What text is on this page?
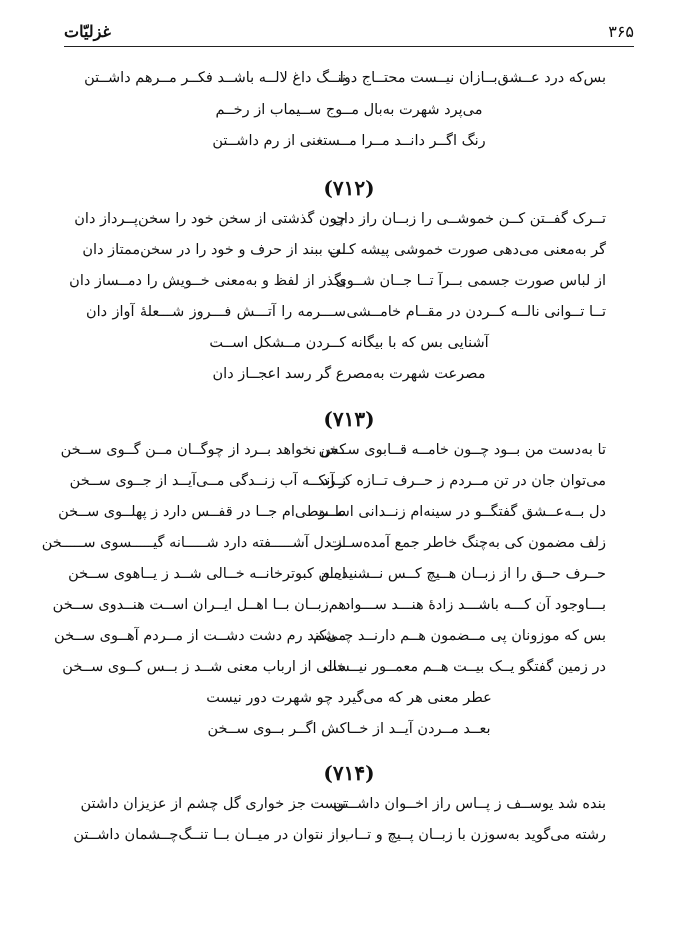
۳۶۵
غزلیّات
بس‌که درد عــشق‌بــازان نیــست محتــاج دوا
ننــگ داغ لالــه باشــد فکــر مــرهم داشــتن
می‌پرد شهرت به‌بال مــوج ســیماب از رخــم
رنگ اگــر دانــد مــرا مــستغنی از رم داشــتن
(۷۱۲)
تــرک گفــتن کــن خموشــی را زبــان راز دان
چون گذشتی از سخن خود را سخن‌پــرداز دان
گر به‌معنی می‌دهی صورت خموشی پیشه کــن
لب ببند از حرف و خود را در سخن‌ممتاز دان
از لباس صورت جسمی بــرآ تــا جــان شــوی
بگذر از لفظ و به‌معنی خــویش را دمــساز دان
تــا تــوانی نالــه کــردن در مقــام خامــشی
ســـرمه را آتـــش فـــروز شـــعلهٔ آواز دان
آشنایی بس که با بیگانه کــردن مــشکل اســت
مصرعت شهرت به‌مصرع گر رسد اعجــاز دان
(۷۱۳)
تا به‌دست من بــود چــون خامــه قــابوی ســخن
کس نخواهد بــرد از چوگــان مــن گــوی ســخن
می‌توان جان در تن مــردم ز حــرف تــازه کــرد
ز آنکــه آب زنــدگی مــی‌آیــد از جــوی ســخن
دل بــه‌عــشق گفتگــو در سینه‌ام زنــدانی اســت
طــوطی‌ام جــا در قفــس دارد ز پهلــوی ســخن
زلف مضمون کی به‌چنگ خاطر جمع آمده‌ســت
از دل آشـــــفته دارد شـــــانه گیـــــسوی ســـــخن
حــرف حــق را از زبــان هــیچ کــس نــشنیده‌ام
ایــن کبوترخانــه خــالی شــد ز یــاهوی ســخن
بـــاوجود آن کـــه باشـــد زادهٔ هنـــد ســـواد
هم‌زبــان بــا اهــل ایــران اســت هنــدوی ســخن
بس که موزونان پی مــضمون هــم دارنــد چــشم
می‌کند رم دشت دشــت از مــردم آهــوی ســخن
در زمین گفتگو یــک بیــت هــم معمــور نیــست
خالی از ارباب معنی شــد ز بــس کــوی ســخن
عطر معنی هر که می‌گیرد چو شهرت دور نیست
بعــد مــردن آیــد از خــاکش اگــر بــوی ســخن
(۷۱۴)
بنده شد یوســف ز پــاس راز اخــوان داشــتن
نیست جز خواری گل چشم از عزیزان داشتن
رشته می‌گوید به‌سوزن با زبــان پــیچ و تــاب
راز نتوان در میــان بــا تنــگ‌چــشمان داشــتن
